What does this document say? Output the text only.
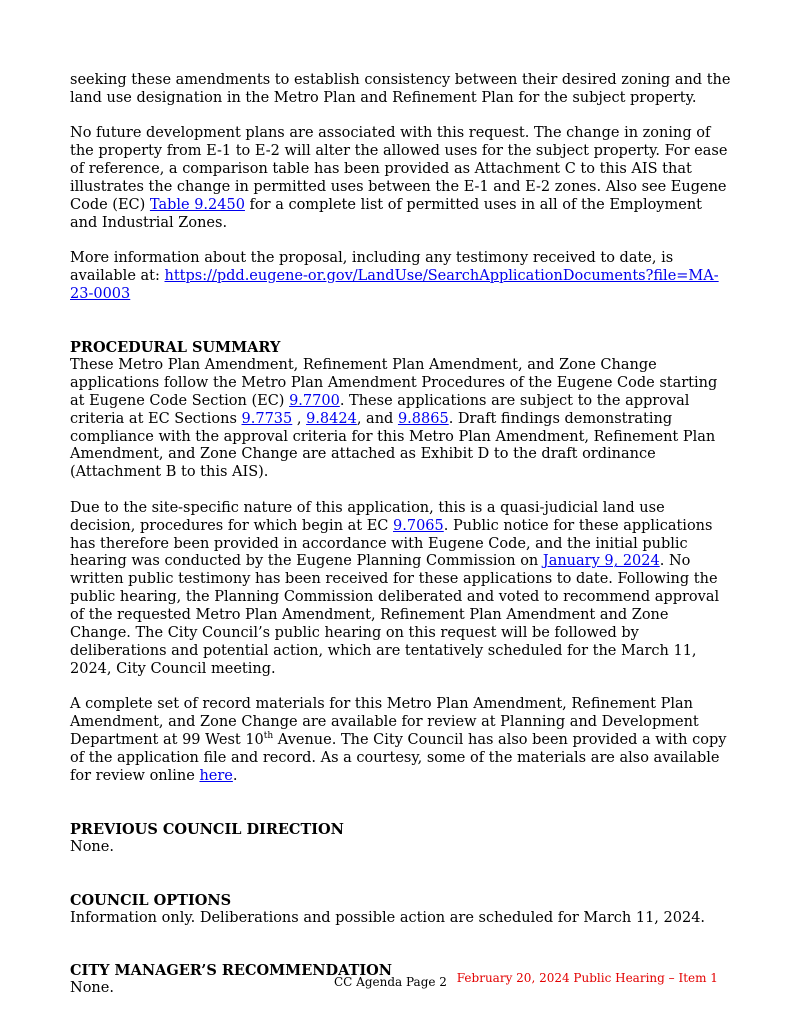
seeking these amendments to establish consistency between their desired zoning and the land use designation in the Metro Plan and Refinement Plan for the subject property.

No future development plans are associated with this request. The change in zoning of the property from E-1 to E-2 will alter the allowed uses for the subject property. For ease of reference, a comparison table has been provided as Attachment C to this AIS that illustrates the change in permitted uses between the E-1 and E-2 zones. Also see Eugene Code (EC) Table 9.2450 for a complete list of permitted uses in all of the Employment and Industrial Zones.

More information about the proposal, including any testimony received to date, is available at: https://pdd.eugene-or.gov/LandUse/SearchApplicationDocuments?file=MA-23-0003

PROCEDURAL SUMMARY

These Metro Plan Amendment, Refinement Plan Amendment, and Zone Change applications follow the Metro Plan Amendment Procedures of the Eugene Code starting at Eugene Code Section (EC) 9.7700. These applications are subject to the approval criteria at EC Sections 9.7735 , 9.8424, and 9.8865. Draft findings demonstrating compliance with the approval criteria for this Metro Plan Amendment, Refinement Plan Amendment, and Zone Change are attached as Exhibit D to the draft ordinance (Attachment B to this AIS).

Due to the site-specific nature of this application, this is a quasi-judicial land use decision, procedures for which begin at EC 9.7065. Public notice for these applications has therefore been provided in accordance with Eugene Code, and the initial public hearing was conducted by the Eugene Planning Commission on January 9, 2024. No written public testimony has been received for these applications to date. Following the public hearing, the Planning Commission deliberated and voted to recommend approval of the requested Metro Plan Amendment, Refinement Plan Amendment and Zone Change. The City Council’s public hearing on this request will be followed by deliberations and potential action, which are tentatively scheduled for the March 11, 2024, City Council meeting.

A complete set of record materials for this Metro Plan Amendment, Refinement Plan Amendment, and Zone Change are available for review at Planning and Development Department at 99 West 10th Avenue. The City Council has also been provided a with copy of the application file and record. As a courtesy, some of the materials are also available for review online here.

PREVIOUS COUNCIL DIRECTION

None.

COUNCIL OPTIONS

Information only. Deliberations and possible action are scheduled for March 11, 2024.

CITY MANAGER’S RECOMMENDATION

None.	CC Agenda Page 2 February 20, 2024 Public Hearing – Item 1
